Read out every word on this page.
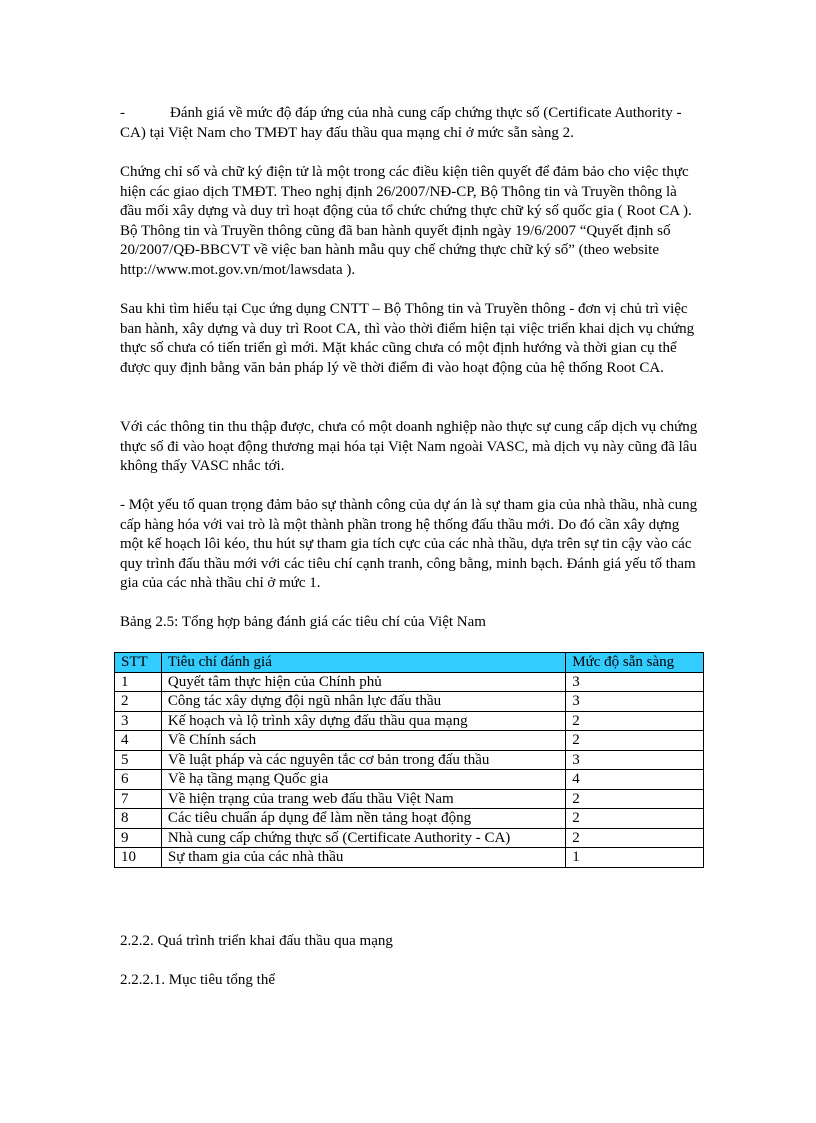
-	Đánh giá về mức độ đáp ứng của nhà cung cấp chứng thực số (Certificate Authority - CA) tại Việt Nam cho TMĐT hay đấu thầu qua mạng chỉ ở mức sẵn sàng 2.

Chứng chỉ số và chữ ký điện tử là một trong các điều kiện tiên quyết để đảm bảo cho việc thực hiện các giao dịch TMĐT. Theo nghị định 26/2007/NĐ-CP, Bộ Thông tin và Truyền thông là đầu mối xây dựng và duy trì hoạt động của tổ chức chứng thực chữ ký số quốc gia ( Root CA ). Bộ Thông tin và Truyền thông cũng đã ban hành quyết định ngày 19/6/2007 “Quyết định số 20/2007/QĐ-BBCVT về việc ban hành mẫu quy chế chứng thực chữ ký số” (theo website http://www.mot.gov.vn/mot/lawsdata ).

Sau khi tìm hiểu tại Cục ứng dụng CNTT – Bộ Thông tin và Truyền thông - đơn vị chủ trì việc ban hành, xây dựng và duy trì Root CA, thì vào thời điểm hiện tại việc triển khai dịch vụ chứng thực số chưa có tiến triển gì mới. Mặt khác cũng chưa có một định hướng và thời gian cụ thể được quy định bằng văn bản pháp lý về thời điểm đi vào hoạt động của hệ thống Root CA.

Với các thông tin thu thập được, chưa có một doanh nghiệp nào thực sự cung cấp dịch vụ chứng thực số đi vào hoạt động thương mại hóa tại Việt Nam ngoài VASC, mà dịch vụ này cũng đã lâu không thấy VASC nhắc tới.

- Một yếu tố quan trọng đảm bảo sự thành công của dự án là sự tham gia của nhà thầu, nhà cung cấp hàng hóa với vai trò là một thành phần trong hệ thống đấu thầu mới. Do đó cần xây dựng một kế hoạch lôi kéo, thu hút sự tham gia tích cực của các nhà thầu, dựa trên sự tin cậy vào các quy trình đấu thầu mới với các tiêu chí cạnh tranh, công bằng, minh bạch. Đánh giá yếu tố tham gia của các nhà thầu chỉ ở mức 1.

Bảng 2.5: Tổng hợp bảng đánh giá các tiêu chí của Việt Nam

STT	Tiêu chí đánh giá	Mức độ sẵn sàng
1	Quyết tâm thực hiện của Chính phủ	3
2	Công tác xây dựng đội ngũ nhân lực đấu thầu	3
3	Kế hoạch và lộ trình xây dựng đấu thầu qua mạng	2
4	Về Chính sách	2
5	Về luật pháp và các nguyên tắc cơ bản trong đấu thầu	3
6	Về hạ tầng mạng Quốc gia	4
7	Về hiện trạng của trang web đấu thầu Việt Nam	2
8	Các tiêu chuẩn áp dụng để làm nền tảng hoạt động	2
9	Nhà cung cấp chứng thực số (Certificate Authority - CA)	2
10	Sự tham gia của các nhà thầu	1

2.2.2. Quá trình triển khai đấu thầu qua mạng

2.2.2.1. Mục tiêu tổng thể
